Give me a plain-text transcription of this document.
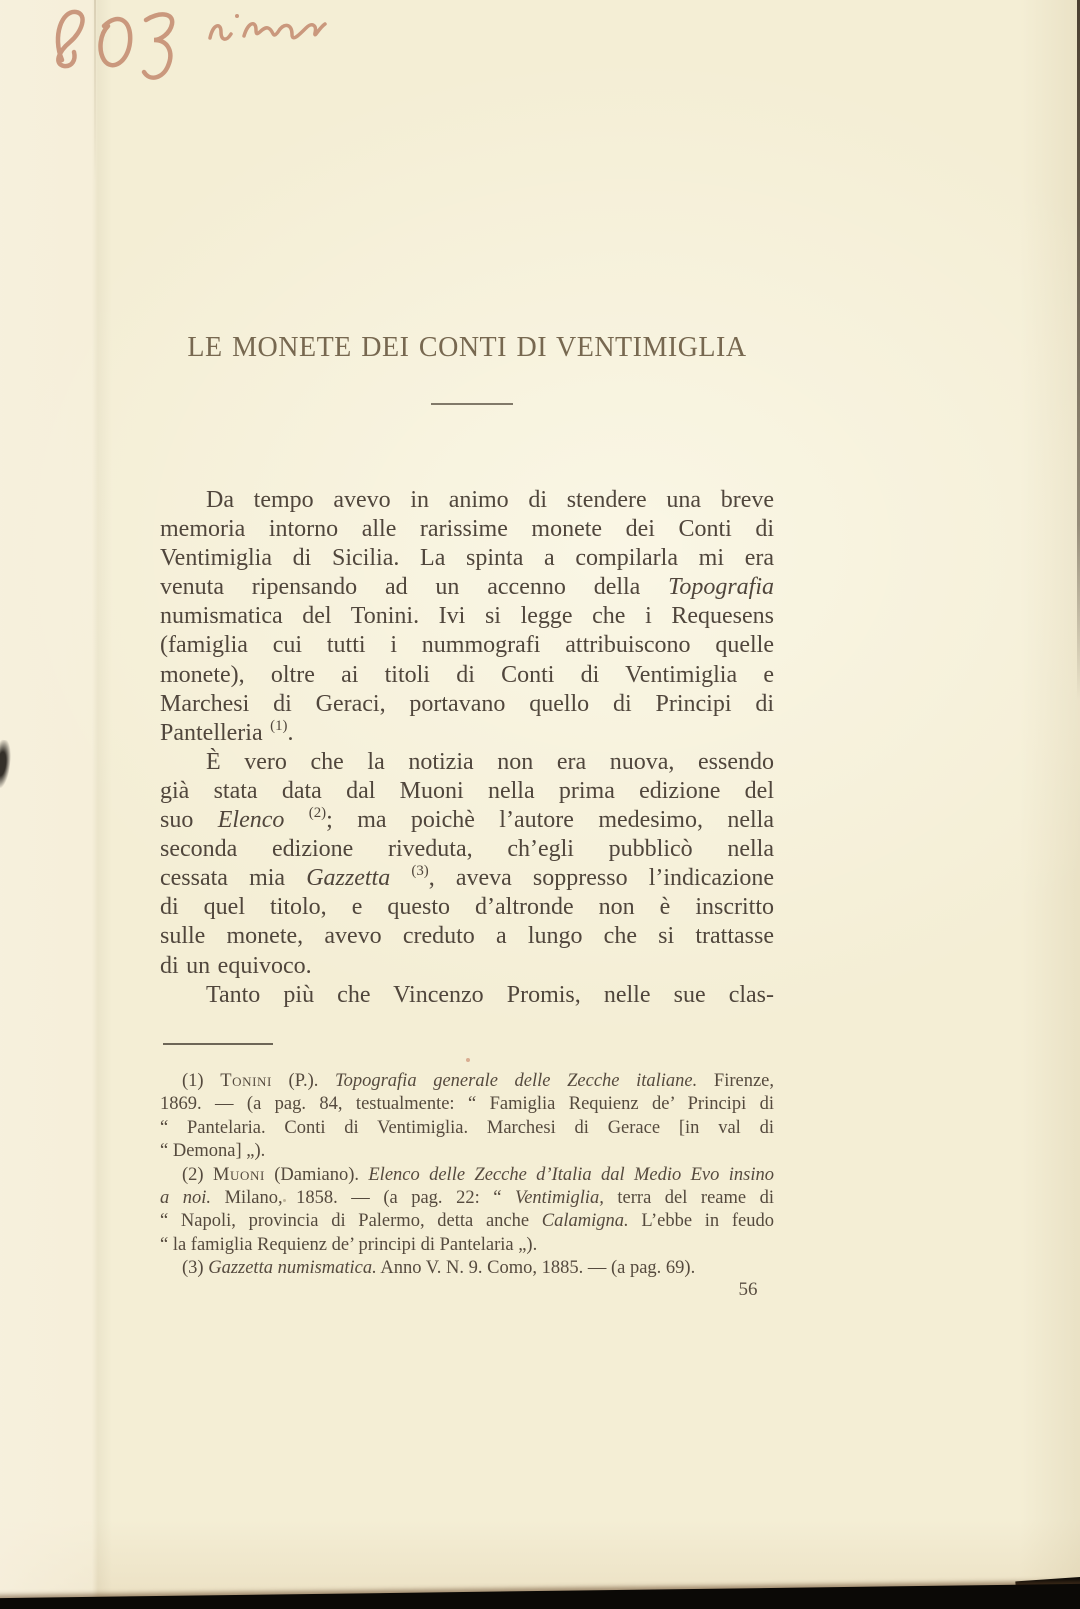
LE MONETE DEI CONTI DI VENTIMIGLIA
Da tempo avevo in animo di stendere una breve
memoria intorno alle rarissime monete dei Conti di
Ventimiglia di Sicilia. La spinta a compilarla mi era
venuta ripensando ad un accenno della Topografia
numismatica del Tonini. Ivi si legge che i Requesens
(famiglia cui tutti i nummografi attribuiscono quelle
monete), oltre ai titoli di Conti di Ventimiglia e
Marchesi di Geraci, portavano quello di Principi di
Pantelleria $^{(1)}$.
È vero che la notizia non era nuova, essendo
già stata data dal Muoni nella prima edizione del
suo Elenco $^{(2)}$; ma poichè l’autore medesimo, nella
seconda edizione riveduta, ch’egli pubblicò nella
cessata mia Gazzetta $^{(3)}$, aveva soppresso l’indicazione
di quel titolo, e questo d’altronde non è inscritto
sulle monete, avevo creduto a lungo che si trattasse
di un equivoco.
Tanto più che Vincenzo Promis, nelle sue clas-
(1) Tonini (P.). Topografia generale delle Zecche italiane. Firenze,
1869. — (a pag. 84, testualmente: “ Famiglia Requienz de’ Principi di
“ Pantelaria. Conti di Ventimiglia. Marchesi di Gerace [in val di
“ Demona] „).
(2) Muoni (Damiano). Elenco delle Zecche d’Italia dal Medio Evo insino
a noi. Milano, 1858. — (a pag. 22: “ Ventimiglia, terra del reame di
“ Napoli, provincia di Palermo, detta anche Calamigna. L’ebbe in feudo
“ la famiglia Requienz de’ principi di Pantelaria „).
(3) Gazzetta numismatica. Anno V. N. 9. Como, 1885. — (a pag. 69).
56
